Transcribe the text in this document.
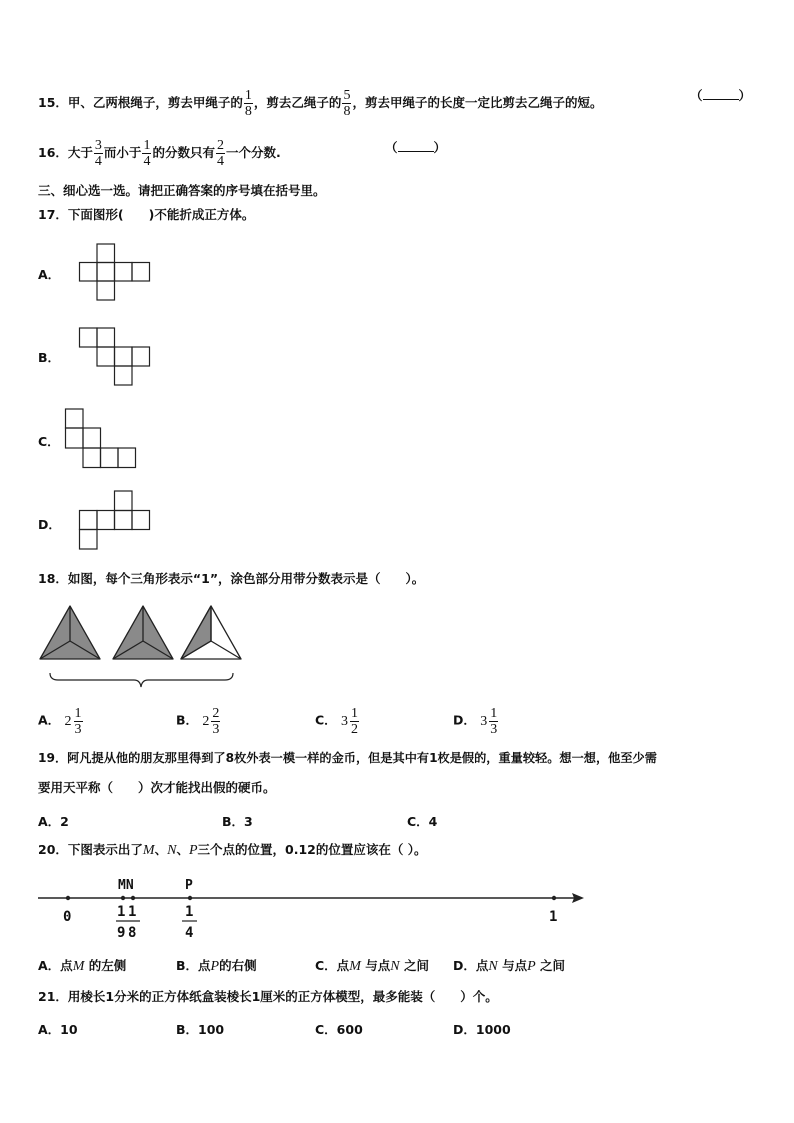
15．甲、乙两根绳子，剪去甲绳子的 $\frac{1}{8}$ ，剪去乙绳子的 $\frac{5}{8}$ ，剪去甲绳子的长度一定比剪去乙绳子的短。	（	）
16．大于 $\frac{3}{4}$ 而小于 $\frac{1}{4}$ 的分数只有 $\frac{2}{4}$ 一个分数.	（	）
三、细心选一选。请把正确答案的序号填在括号里。
17．下面图形(　　)不能折成正方体。
A．
B．
C．
D．
18．如图，每个三角形表示“1”，涂色部分用带分数表示是（　　）。
A． $2 \frac{1}{3}$	B． $2 \frac{2}{3}$	C． $3 \frac{1}{2}$	D． $3 \frac{1}{3}$
19．阿凡提从他的朋友那里得到了8枚外表一模一样的金币，但是其中有1枚是假的，重量较轻。想一想，他至少需
要用天平称（　　）次才能找出假的硬币。
A．2	B．3	C．4
20．下图表示出了M、N、P三个点的位置，0.12的位置应该在（ ）。
MN	P
0	1
1
9
1
8
1
4
A．点M 的左侧	B．点P的右侧	C．点M 与点N 之间 D．点N 与点P 之间
21．用棱长1分米的正方体纸盒装棱长1厘米的正方体模型，最多能装（　　）个。
A．10	B．100	C．600	D．1000
